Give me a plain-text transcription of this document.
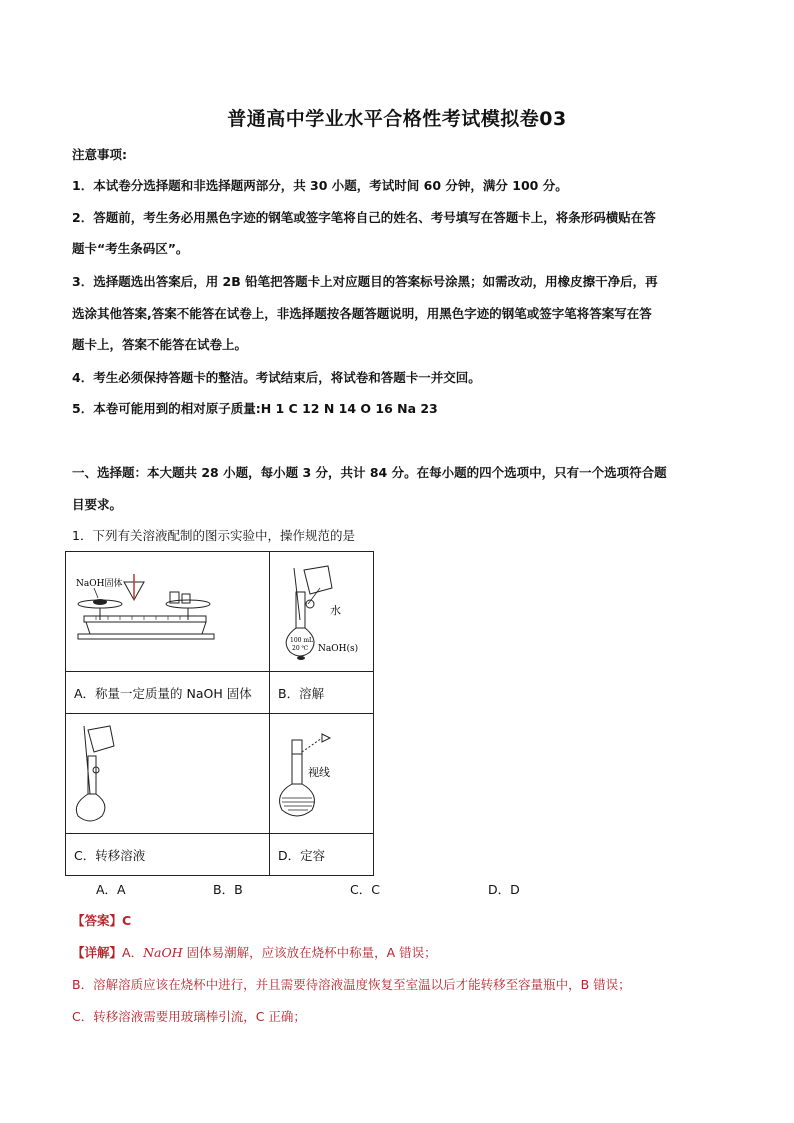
普通高中学业水平合格性考试模拟卷03
注意事项:
1．本试卷分选择题和非选择题两部分，共 30 小题，考试时间 60 分钟，满分 100 分。
2．答题前，考生务必用黑色字迹的钢笔或签字笔将自己的姓名、考号填写在答题卡上，将条形码横贴在答
题卡“考生条码区”。
3．选择题选出答案后，用 2B 铅笔把答题卡上对应题目的答案标号涂黑；如需改动，用橡皮擦干净后，再
选涂其他答案,答案不能答在试卷上，非选择题按各题答题说明，用黑色字迹的钢笔或签字笔将答案写在答
题卡上，答案不能答在试卷上。
4．考生必须保持答题卡的整洁。考试结束后，将试卷和答题卡一并交回。
5．本卷可能用到的相对原子质量:H 1 C 12 N 14 O 16 Na 23
一、选择题：本大题共 28 小题，每小题 3 分，共计 84 分。在每小题的四个选项中，只有一个选项符合题
目要求。
1．下列有关溶液配制的图示实验中，操作规范的是
NaOH固体	水
100 mL
20 ℃ NaOH(s)

A．称量一定质量的 NaOH 固体	B．溶解

视线

C．转移溶液	D．定容
A．A	B．B	C．C	D．D
【答案】C
【详解】A．NaOH 固体易潮解，应该放在烧杯中称量，A 错误；
B．溶解溶质应该在烧杯中进行，并且需要待溶液温度恢复至室温以后才能转移至容量瓶中，B 错误；
C．转移溶液需要用玻璃棒引流，C 正确；
